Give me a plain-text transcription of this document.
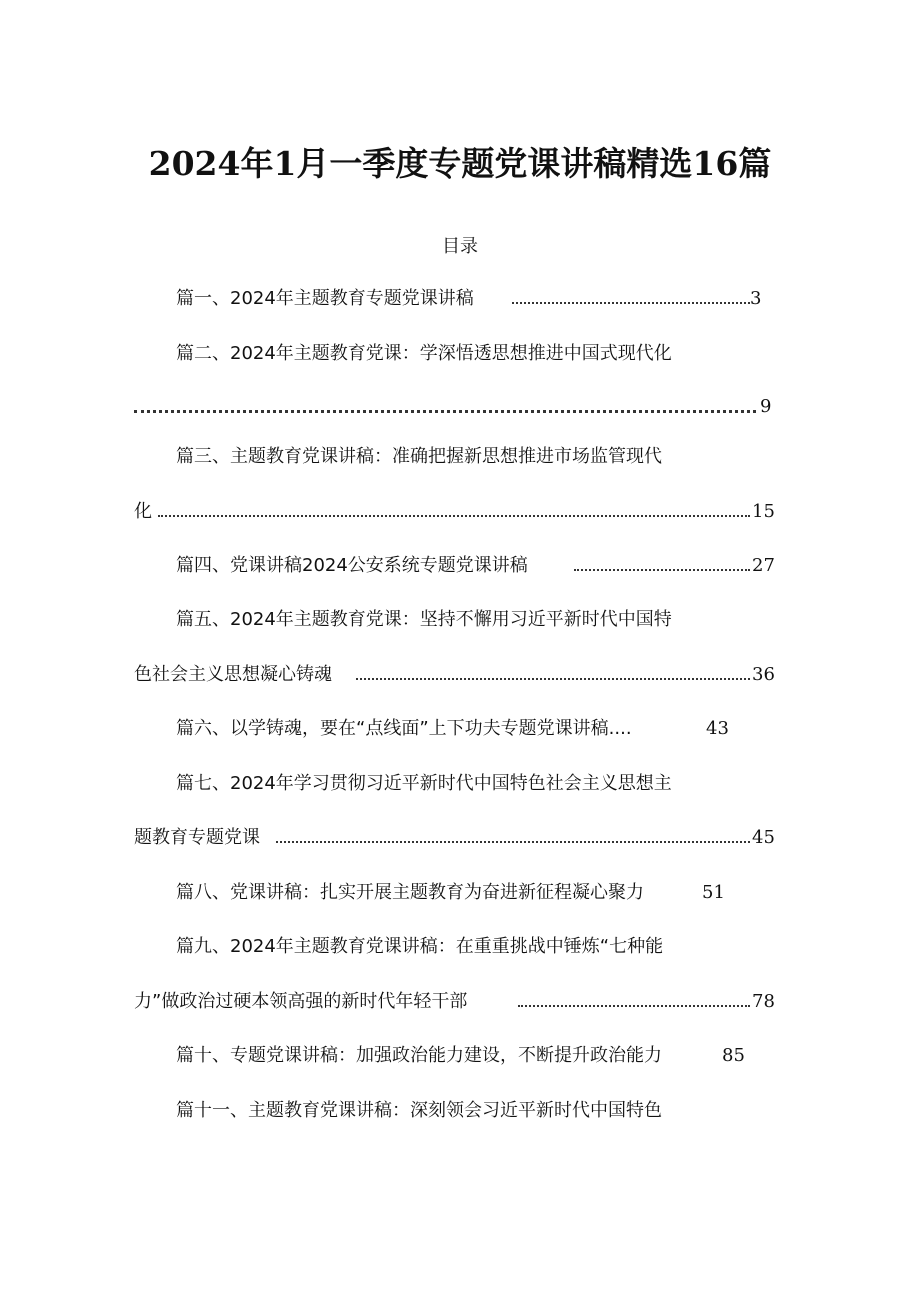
2024年1月一季度专题党课讲稿精选16篇
目录
篇一、2024年主题教育专题党课讲稿	3
篇二、2024年主题教育党课：学深悟透思想推进中国式现代化
9
篇三、主题教育党课讲稿：准确把握新思想推进市场监管现代
化	15
篇四、党课讲稿2024公安系统专题党课讲稿	27
篇五、2024年主题教育党课：坚持不懈用习近平新时代中国特
色社会主义思想凝心铸魂	36
篇六、以学铸魂，要在“点线面”上下功夫专题党课讲稿....	43
篇七、2024年学习贯彻习近平新时代中国特色社会主义思想主
题教育专题党课	45
篇八、党课讲稿：扎实开展主题教育为奋进新征程凝心聚力	51
篇九、2024年主题教育党课讲稿：在重重挑战中锤炼“七种能
力”做政治过硬本领高强的新时代年轻干部	78
篇十、专题党课讲稿：加强政治能力建设，不断提升政治能力	85
篇十一、主题教育党课讲稿：深刻领会习近平新时代中国特色
